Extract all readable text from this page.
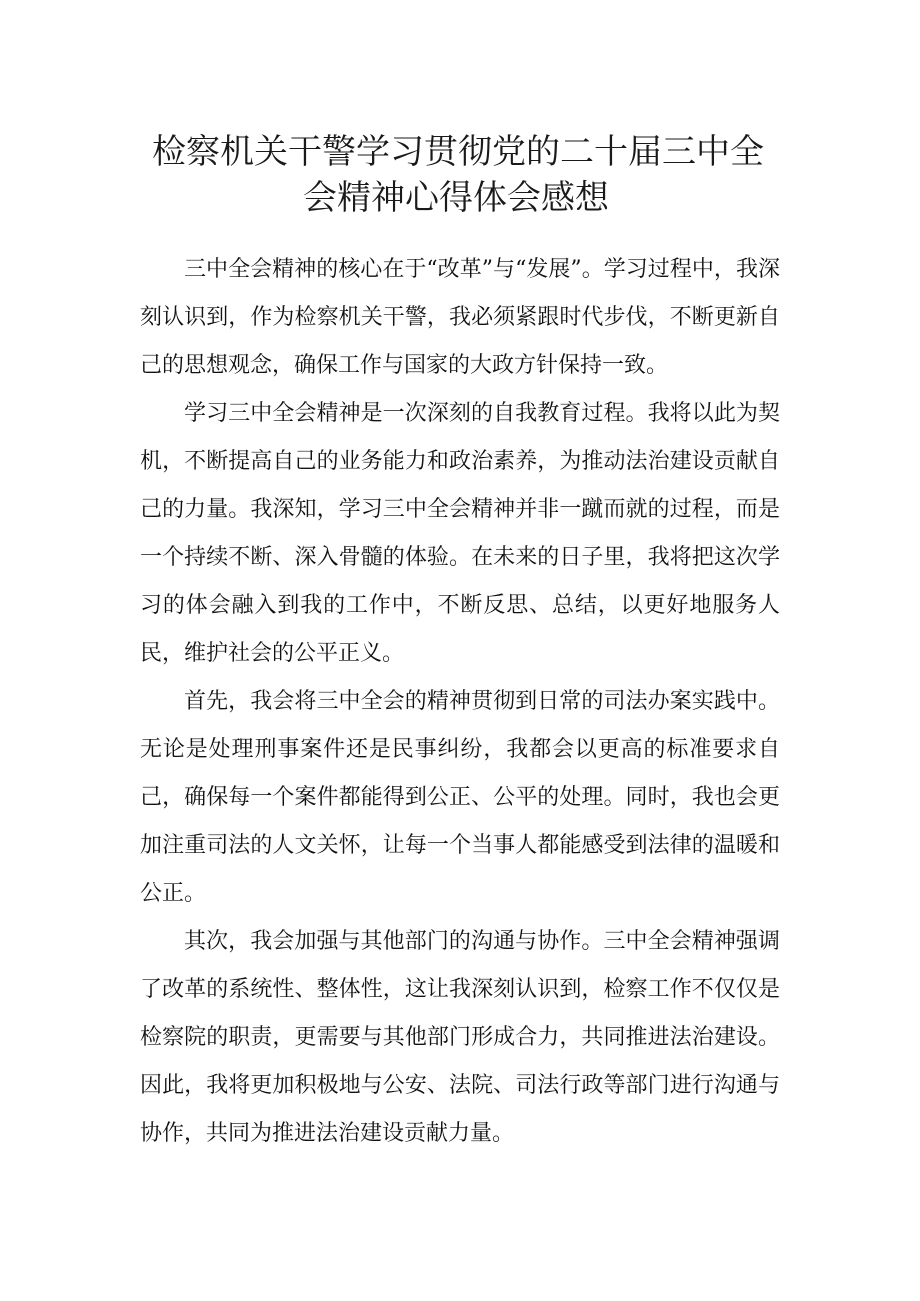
检察机关干警学习贯彻党的二十届三中全
会精神心得体会感想

三中全会精神的核心在于“改革”与“发展”。学习过程中，我深刻认识到，作为检察机关干警，我必须紧跟时代步伐，不断更新自己的思想观念，确保工作与国家的大政方针保持一致。

学习三中全会精神是一次深刻的自我教育过程。我将以此为契机，不断提高自己的业务能力和政治素养，为推动法治建设贡献自己的力量。我深知，学习三中全会精神并非一蹴而就的过程，而是一个持续不断、深入骨髓的体验。在未来的日子里，我将把这次学习的体会融入到我的工作中，不断反思、总结，以更好地服务人民，维护社会的公平正义。

首先，我会将三中全会的精神贯彻到日常的司法办案实践中。无论是处理刑事案件还是民事纠纷，我都会以更高的标准要求自己，确保每一个案件都能得到公正、公平的处理。同时，我也会更加注重司法的人文关怀，让每一个当事人都能感受到法律的温暖和公正。

其次，我会加强与其他部门的沟通与协作。三中全会精神强调了改革的系统性、整体性，这让我深刻认识到，检察工作不仅仅是检察院的职责，更需要与其他部门形成合力，共同推进法治建设。因此，我将更加积极地与公安、法院、司法行政等部门进行沟通与协作，共同为推进法治建设贡献力量。
